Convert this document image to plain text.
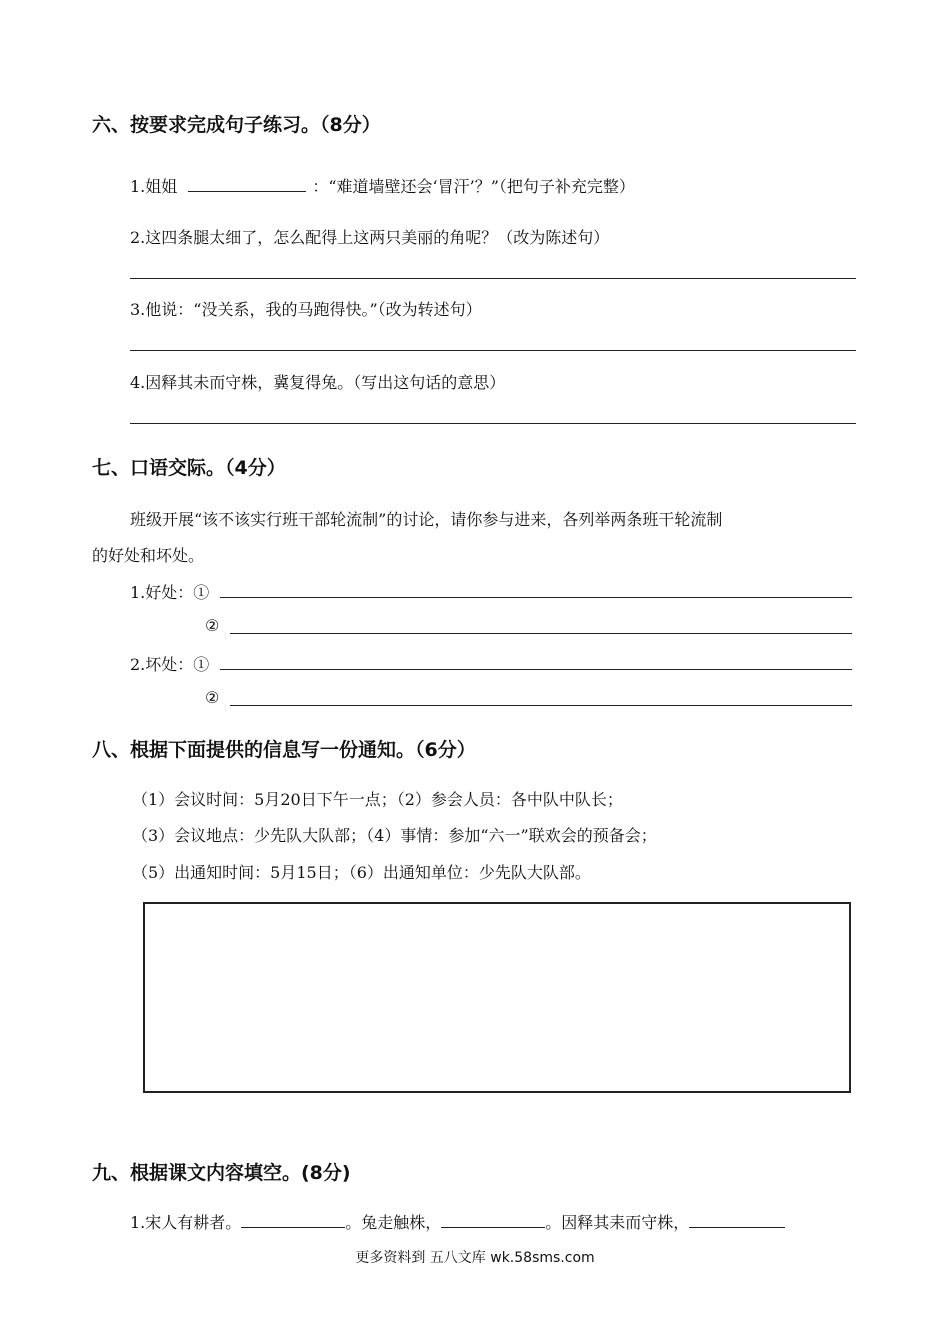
六、按要求完成句子练习。（8分）
1.姐姐	：“难道墙壁还会‘冒汗’？”（把句子补充完整）
2.这四条腿太细了，怎么配得上这两只美丽的角呢？（改为陈述句）
3.他说：“没关系，我的马跑得快。”（改为转述句）
4.因释其未而守株，冀复得兔。（写出这句话的意思）
七、口语交际。（4分）
班级开展“该不该实行班干部轮流制”的讨论，请你参与进来，各列举两条班干轮流制
的好处和坏处。
1.好处：①
②
2.坏处：①
②
八、根据下面提供的信息写一份通知。（6分）
（1）会议时间：5月20日下午一点；（2）参会人员：各中队中队长；
（3）会议地点：少先队大队部；（4）事情：参加“六一”联欢会的预备会；
（5）出通知时间：5月15日；（6）出通知单位：少先队大队部。
九、根据课文内容填空。(8分)
1.宋人有耕者。	。兔走触株，	。因释其耒而守株，
更多资料到 五八文库 wk.58sms.com
